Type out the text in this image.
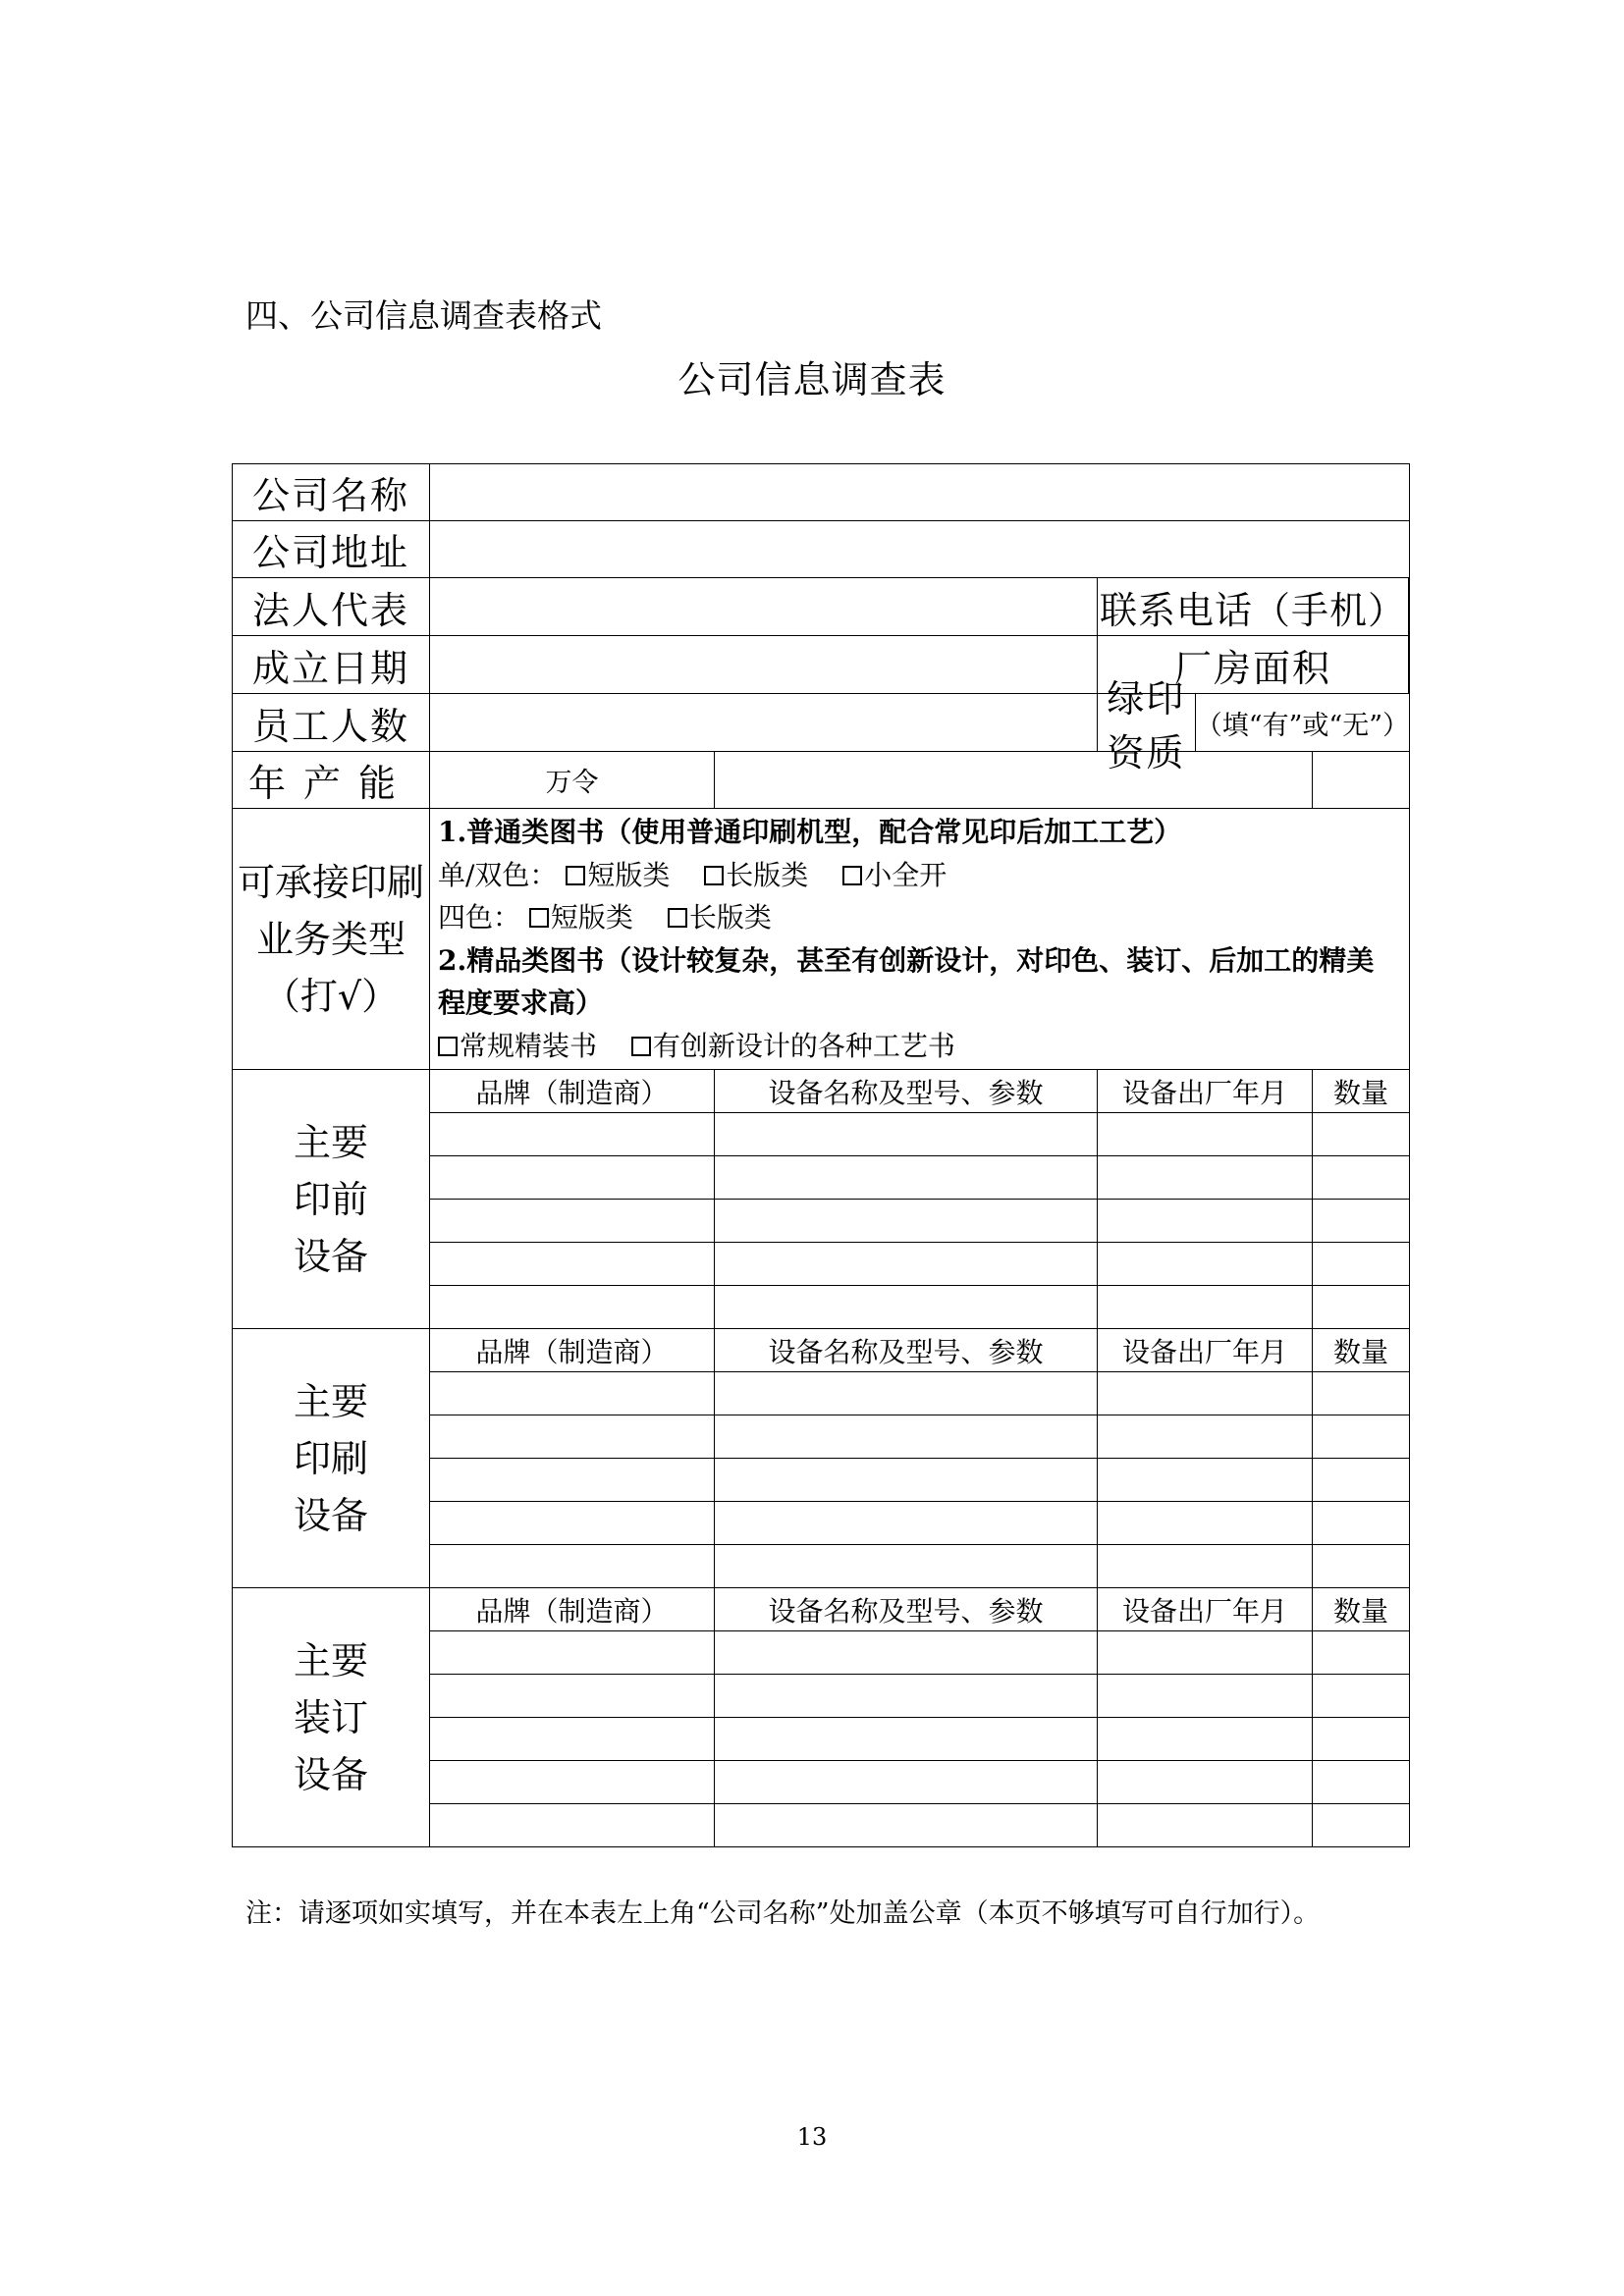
四、公司信息调查表格式
公司信息调查表
公司名称				
公司地址				
法人代表			联系电话（手机）	

成立日期			厂房面积	

员工人数			绿印资质
（填“有”或“无”）	

年产能	万令			
可承接印刷业务类型（打√）	1.普通类图书（使用普通印刷机型，配合常见印后加工工艺）
单/双色： 短版类 长版类 小全开
四色： 短版类 长版类
2.精品类图书（设计较复杂，甚至有创新设计，对印色、装订、后加工的精美程度要求高）
常规精装书 有创新设计的各种工艺书			

主要印前设备	品牌（制造商）	设备名称及型号、参数	设备出厂年月	数量

主要印刷设备	品牌（制造商）	设备名称及型号、参数	设备出厂年月	数量

主要装订设备	品牌（制造商）	设备名称及型号、参数	设备出厂年月	数量

注：请逐项如实填写，并在本表左上角“公司名称”处加盖公章（本页不够填写可自行加行）。
13
